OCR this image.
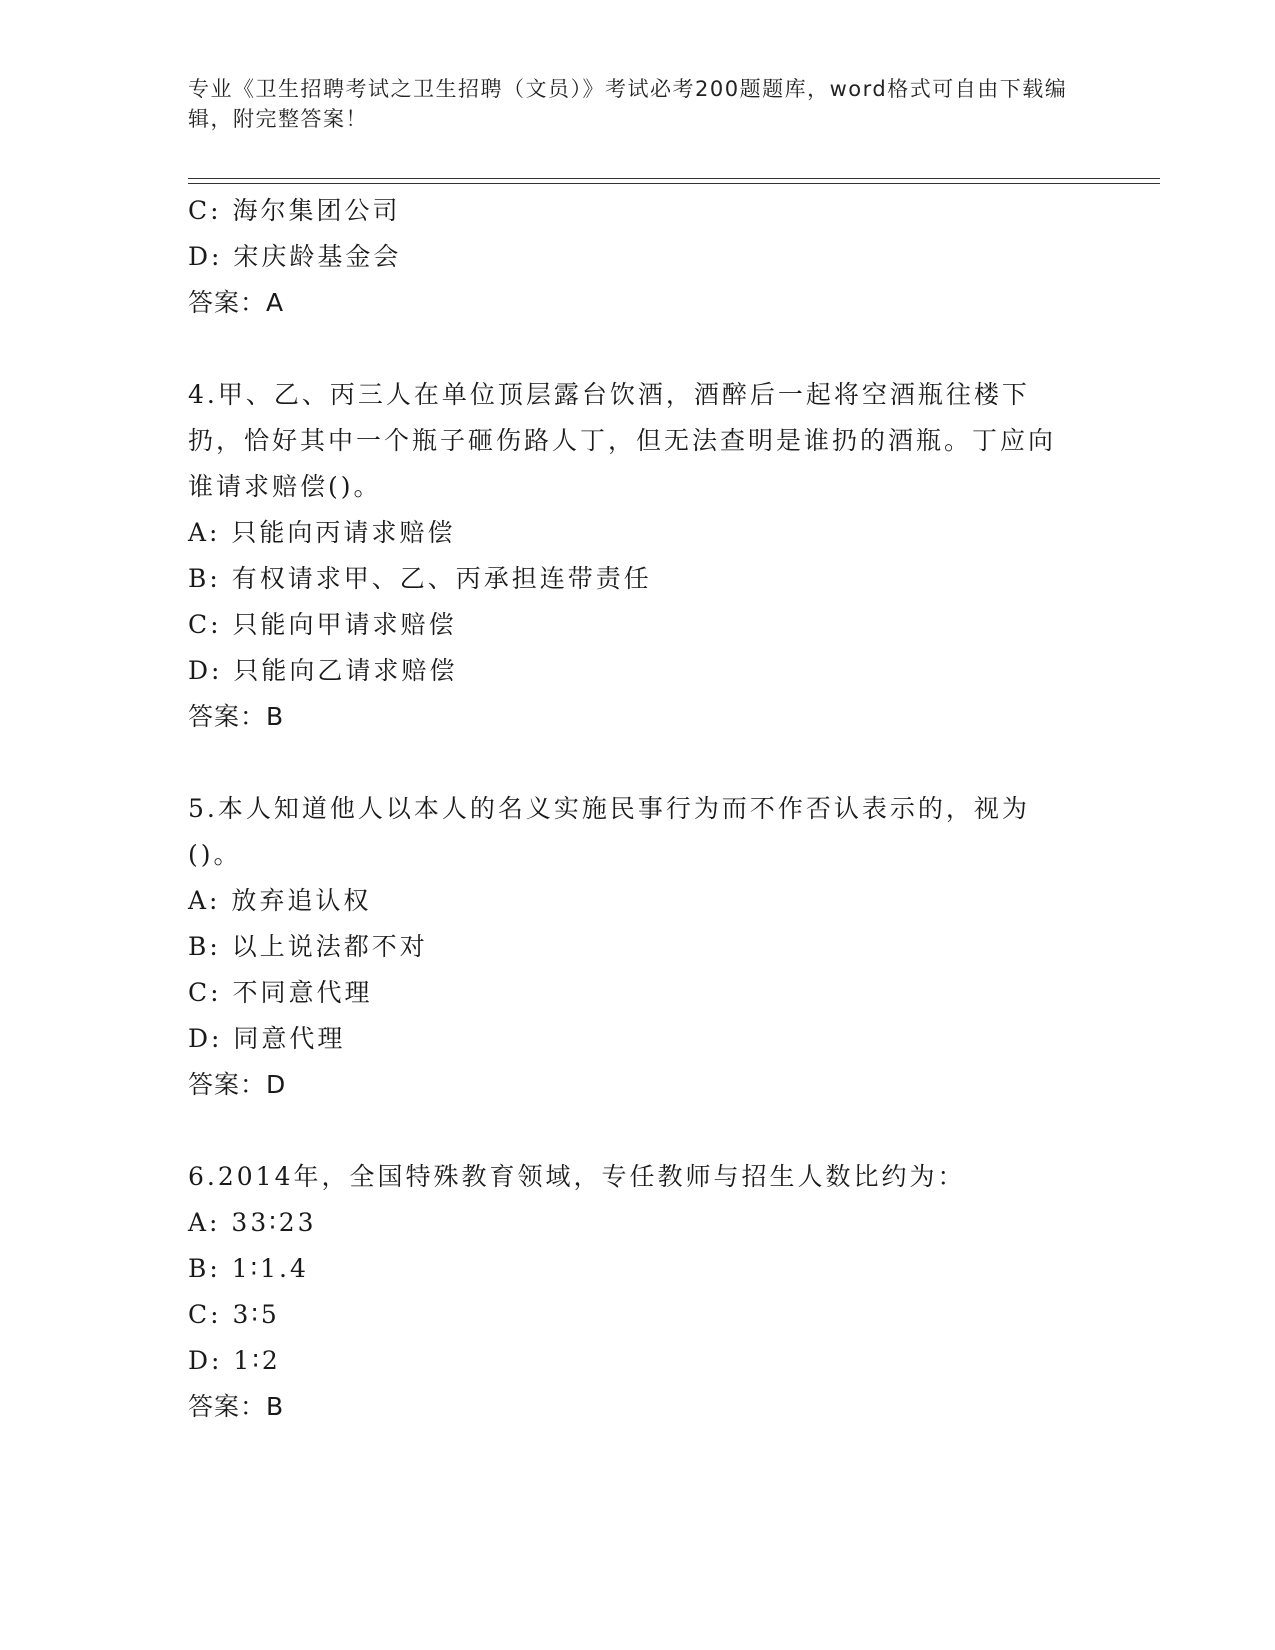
专业《卫生招聘考试之卫生招聘（文员）》考试必考200题题库，word格式可自由下载编辑，附完整答案！
C: 海尔集团公司
D: 宋庆龄基金会
答案：A
4.甲、乙、丙三人在单位顶层露台饮酒，酒醉后一起将空酒瓶往楼下扔，恰好其中一个瓶子砸伤路人丁，但无法查明是谁扔的酒瓶。丁应向谁请求赔偿()。
A: 只能向丙请求赔偿
B: 有权请求甲、乙、丙承担连带责任
C: 只能向甲请求赔偿
D: 只能向乙请求赔偿
答案：B
5.本人知道他人以本人的名义实施民事行为而不作否认表示的，视为()。
A: 放弃追认权
B: 以上说法都不对
C: 不同意代理
D: 同意代理
答案：D
6.2014年，全国特殊教育领域，专任教师与招生人数比约为：
A: 33∶23
B: 1∶1.4
C: 3∶5
D: 1∶2
答案：B
